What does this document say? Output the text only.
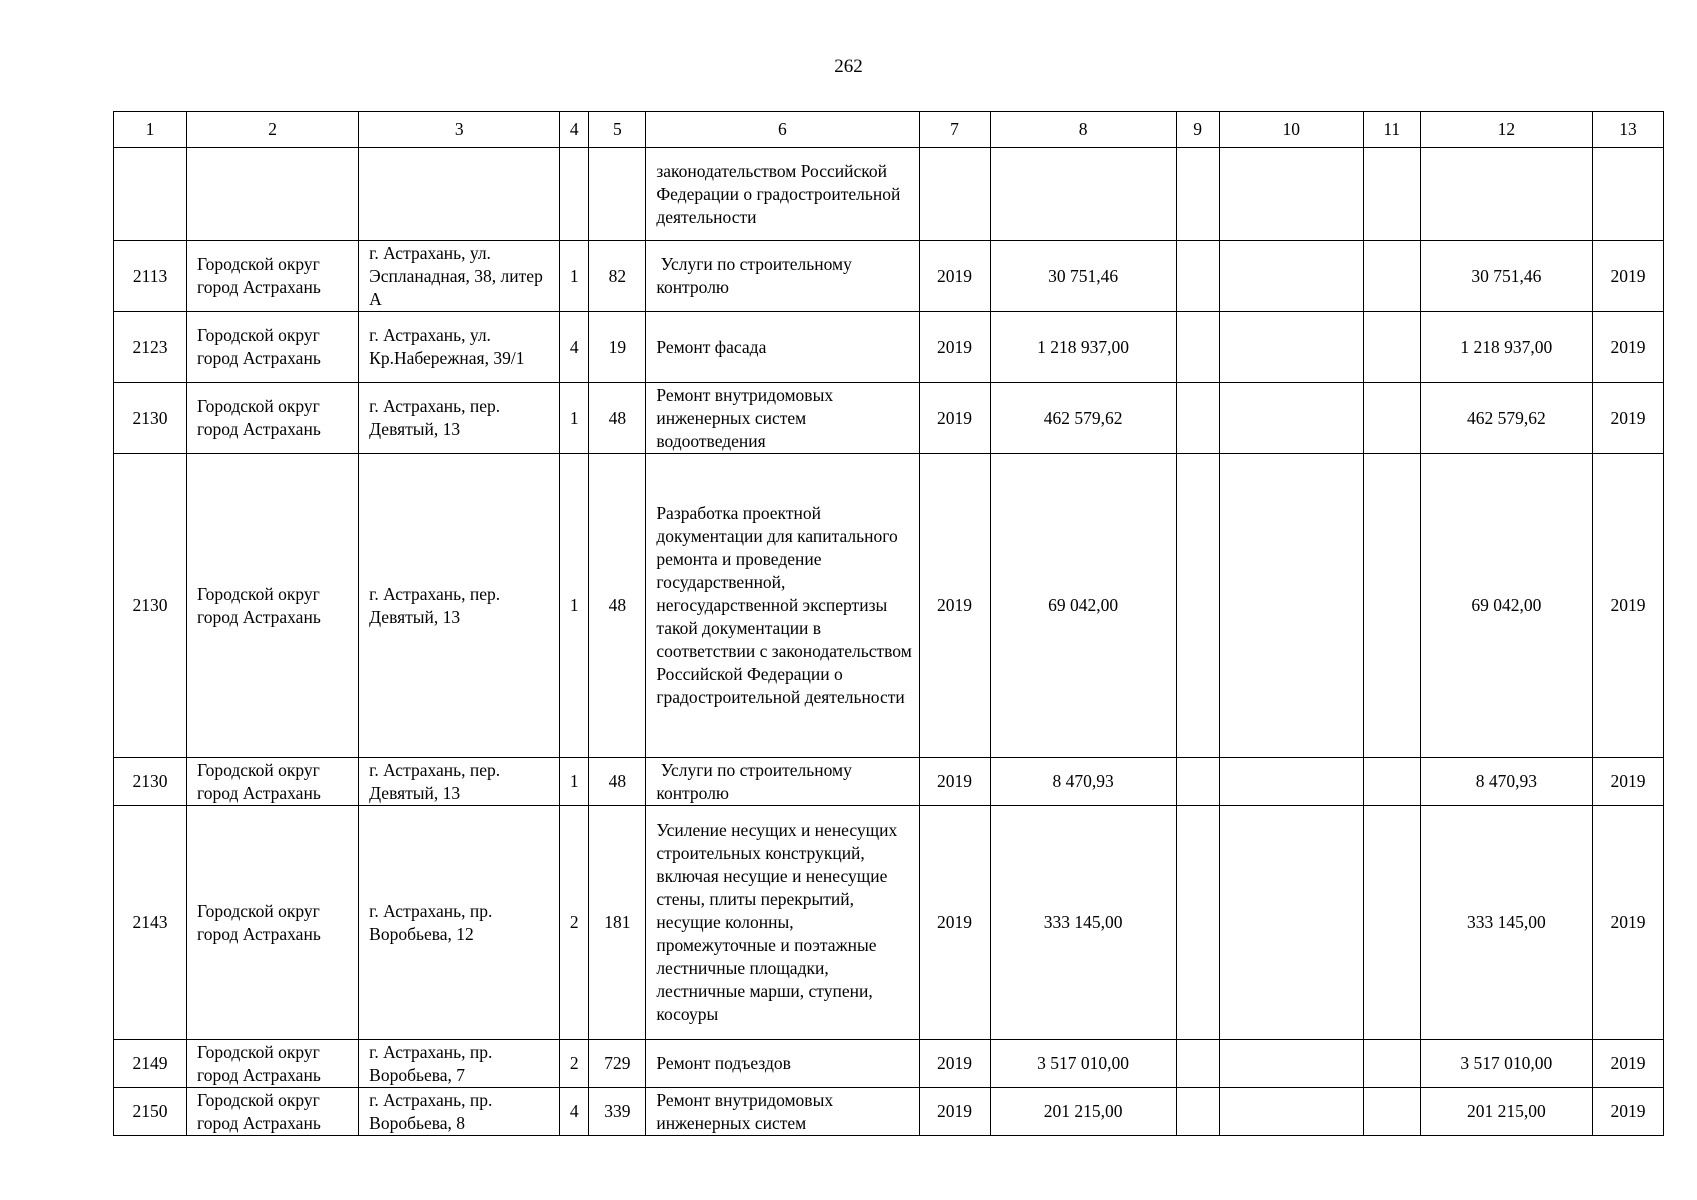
262
1	2	3	4	5	6	7	8	9	10	11	12	13
					законодательством Российской Федерации о градостроительной деятельности							
2113	Городской округ город Астрахань	г. Астрахань, ул. Эспланадная, 38, литер А	1	82	Услуги по строительному контролю	2019	30 751,46				30 751,46	2019
2123	Городской округ город Астрахань	г. Астрахань, ул. Кр.Набережная, 39/1	4	19	Ремонт фасада	2019	1 218 937,00				1 218 937,00	2019
2130	Городской округ город Астрахань	г. Астрахань, пер. Девятый, 13	1	48	Ремонт внутридомовых инженерных систем водоотведения	2019	462 579,62				462 579,62	2019
2130	Городской округ город Астрахань	г. Астрахань, пер. Девятый, 13	1	48	Разработка проектной документации для капитального ремонта и проведение государственной, негосударственной экспертизы такой документации в соответствии с законодательством Российской Федерации о градостроительной деятельности	2019	69 042,00				69 042,00	2019
2130	Городской округ город Астрахань	г. Астрахань, пер. Девятый, 13	1	48	Услуги по строительному контролю	2019	8 470,93				8 470,93	2019
2143	Городской округ город Астрахань	г. Астрахань, пр. Воробьева, 12	2	181	Усиление несущих и ненесущих строительных конструкций, включая несущие и ненесущие стены, плиты перекрытий, несущие колонны, промежуточные и поэтажные лестничные площадки, лестничные марши, ступени, косоуры	2019	333 145,00				333 145,00	2019
2149	Городской округ город Астрахань	г. Астрахань, пр. Воробьева, 7	2	729	Ремонт подъездов	2019	3 517 010,00				3 517 010,00	2019
2150	Городской округ город Астрахань	г. Астрахань, пр. Воробьева, 8	4	339	Ремонт внутридомовых инженерных систем	2019	201 215,00				201 215,00	2019
